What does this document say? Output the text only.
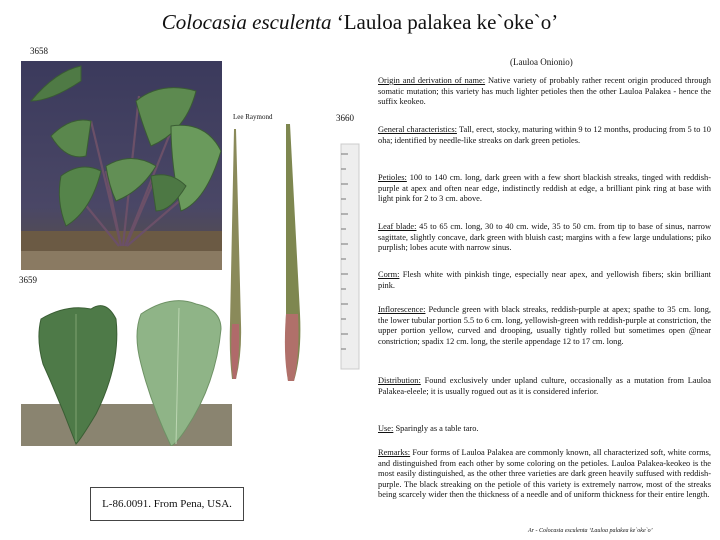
Colocasia esculenta ‘Lauloa palakea ke`oke`o’
3658
(Lauloa Onionio)
3659
3660
Lee Raymond
Origin and derivation of name: Native variety of probably rather recent origin produced through somatic mutation; this variety has much lighter petioles then the other Lauloa Palakea - hence the suffix keokeo.
General characteristics: Tall, erect, stocky, maturing within 9 to 12 months, producing from 5 to 10 oha; identified by needle-like streaks on dark green petioles.
Petioles: 100 to 140 cm. long, dark green with a few short blackish streaks, tinged with reddish-purple at apex and often near edge, indistinctly reddish at edge, a brilliant pink ring at base with light pink for 2 to 3 cm. above.
Leaf blade: 45 to 65 cm. long, 30 to 40 cm. wide, 35 to 50 cm. from tip to base of sinus, narrow sagittate, slightly concave, dark green with bluish cast; margins with a few large undulations; piko purplish; lobes acute with narrow sinus.
Corm: Flesh white with pinkish tinge, especially near apex, and yellowish fibers; skin brilliant pink.
Inflorescence: Peduncle green with black streaks, reddish-purple at apex; spathe to 35 cm. long, the lower tubular portion 5.5 to 6 cm. long, yellowish-green with reddish-purple at constriction, the upper portion yellow, curved and drooping, usually tightly rolled but sometimes open @near constriction; spadix 12 cm. long, the sterile appendage 12 to 17 cm. long.
Distribution: Found exclusively under upland culture, occasionally as a mutation from Lauloa Palakea-eleele; it is usually rogued out as it is considered inferior.
Use: Sparingly as a table taro.
Remarks: Four forms of Lauloa Palakea are commonly known, all characterized soft, white corms, and distinguished from each other by some coloring on the petioles. Lauloa Palakea-keokeo is the most easily distinguished, as the other three varieties are dark green heavily suffused with reddish-purple. The black streaking on the petiole of this variety is extremely narrow, most of the streaks being scarcely wider then the thickness of a needle and of uniform thickness for their entire length.
L-86.0091. From Pena, USA.
Ar - Colocasia esculenta ‘Lauloa palakea ke`oke`o’
